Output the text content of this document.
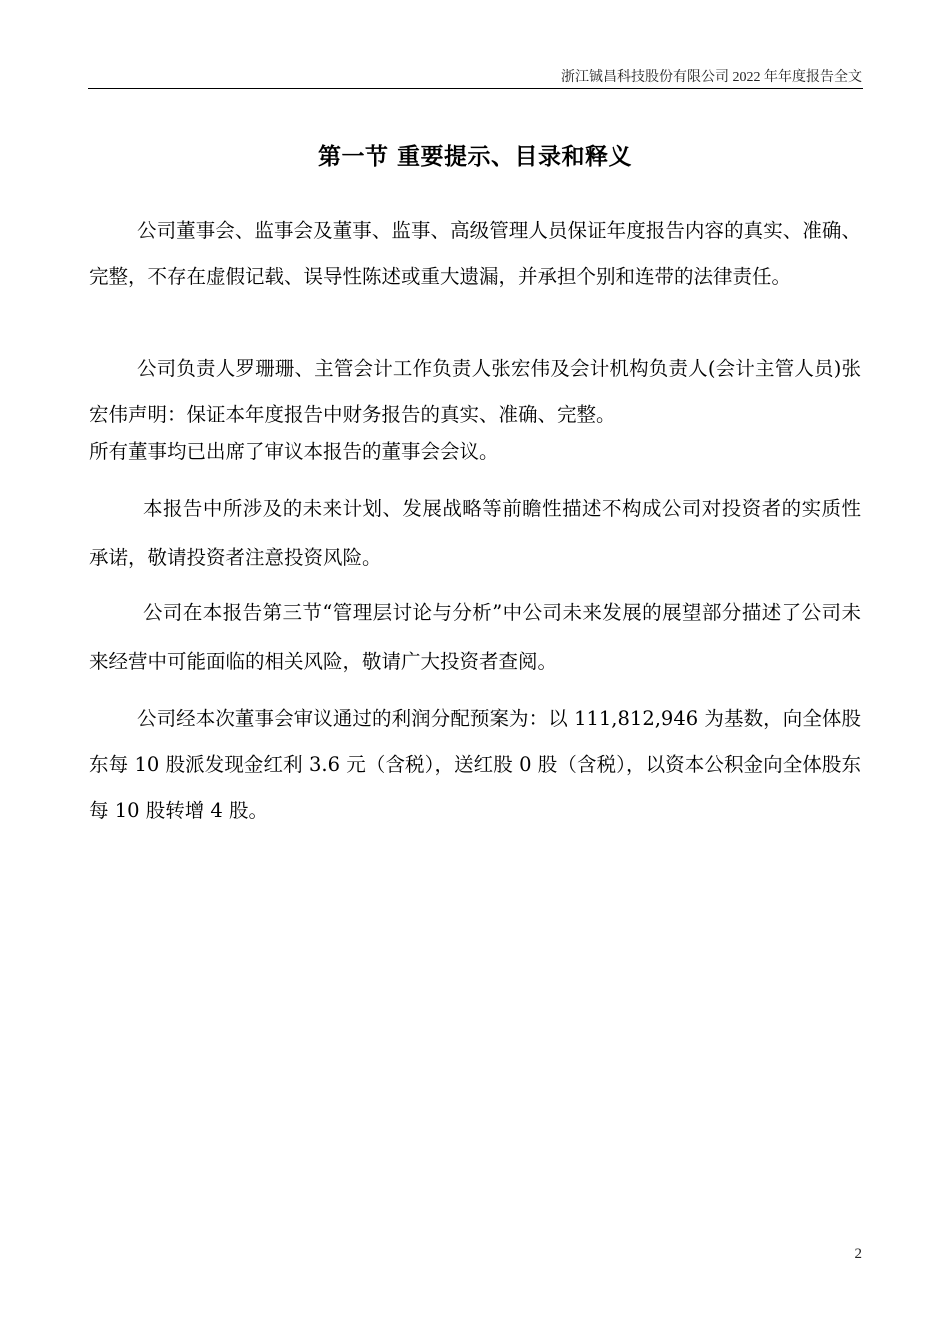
浙江铖昌科技股份有限公司 2022 年年度报告全文
第一节 重要提示、目录和释义

公司董事会、监事会及董事、监事、高级管理人员保证年度报告内容的真实、准确、完整，不存在虚假记载、误导性陈述或重大遗漏，并承担个别和连带的法律责任。

公司负责人罗珊珊、主管会计工作负责人张宏伟及会计机构负责人(会计主管人员)张宏伟声明：保证本年度报告中财务报告的真实、准确、完整。

所有董事均已出席了审议本报告的董事会会议。

本报告中所涉及的未来计划、发展战略等前瞻性描述不构成公司对投资者的实质性承诺，敬请投资者注意投资风险。

公司在本报告第三节“管理层讨论与分析”中公司未来发展的展望部分描述了公司未来经营中可能面临的相关风险，敬请广大投资者查阅。

公司经本次董事会审议通过的利润分配预案为：以 111,812,946 为基数，向全体股东每 10 股派发现金红利 3.6 元（含税），送红股 0 股（含税），以资本公积金向全体股东每 10 股转增 4 股。

2
